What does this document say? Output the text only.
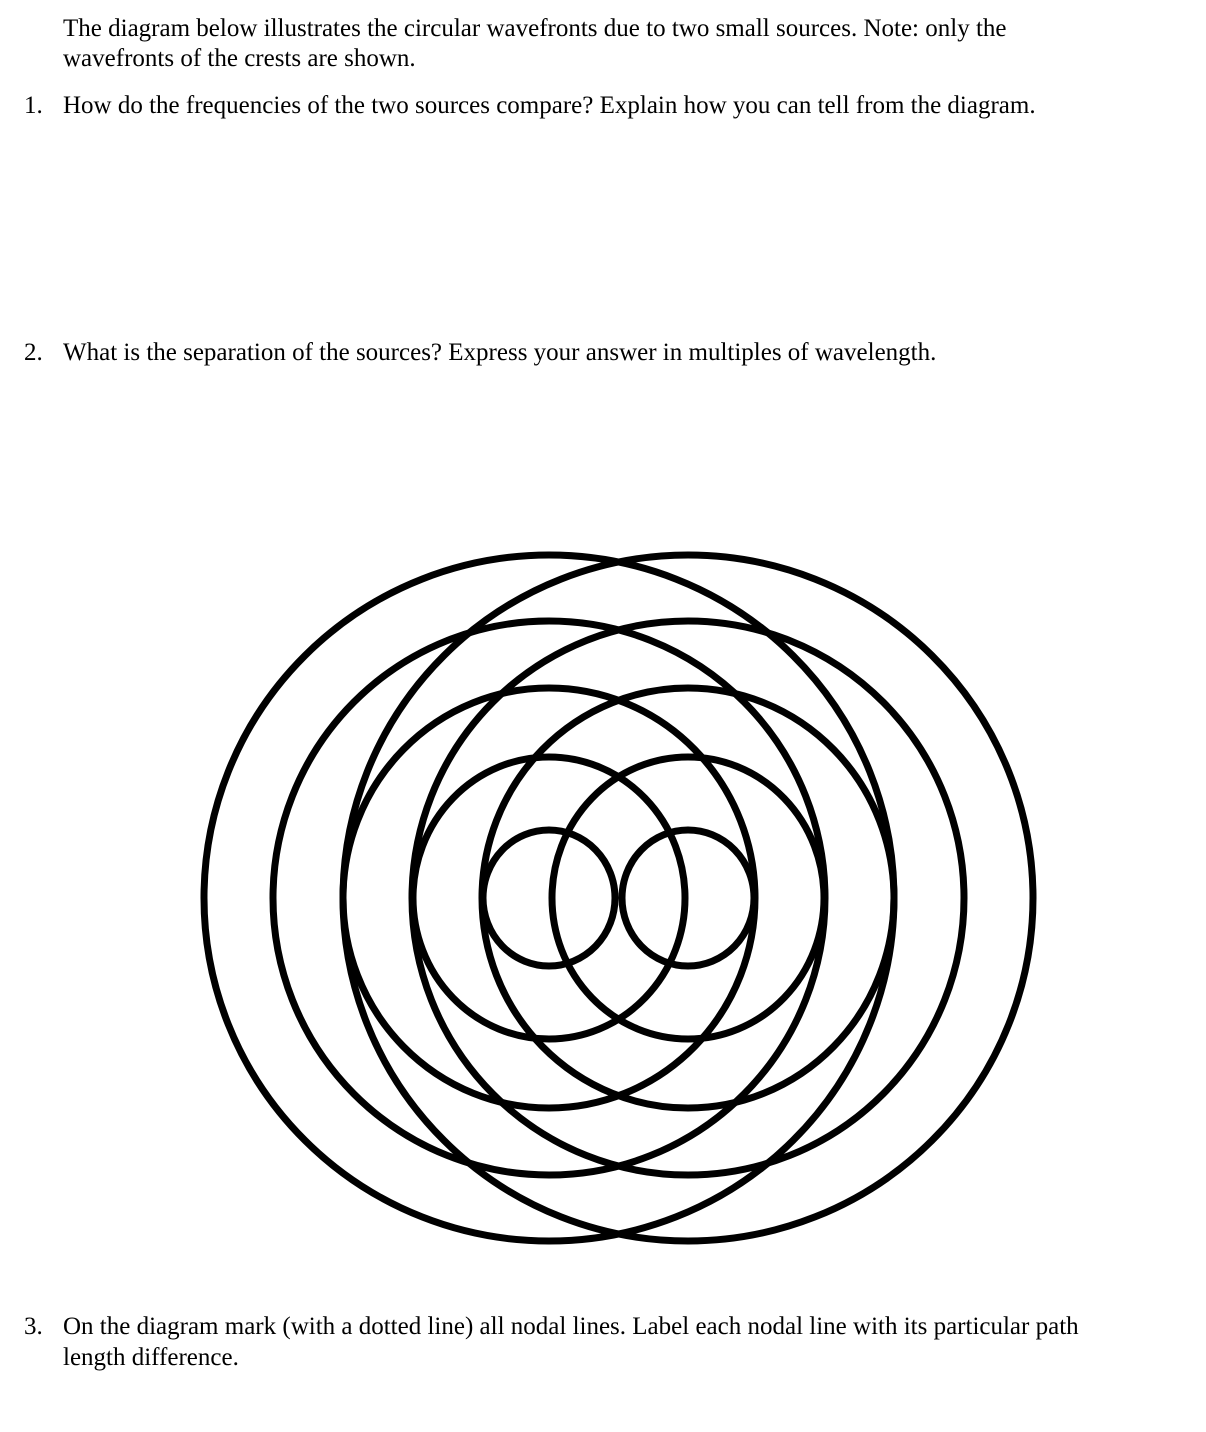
The diagram below illustrates the circular wavefronts due to two small sources. Note: only the
wavefronts of the crests are shown.
1. How do the frequencies of the two sources compare? Explain how you can tell from the diagram.
2. What is the separation of the sources? Express your answer in multiples of wavelength.
3. On the diagram mark (with a dotted line) all nodal lines. Label each nodal line with its particular path
length difference.
